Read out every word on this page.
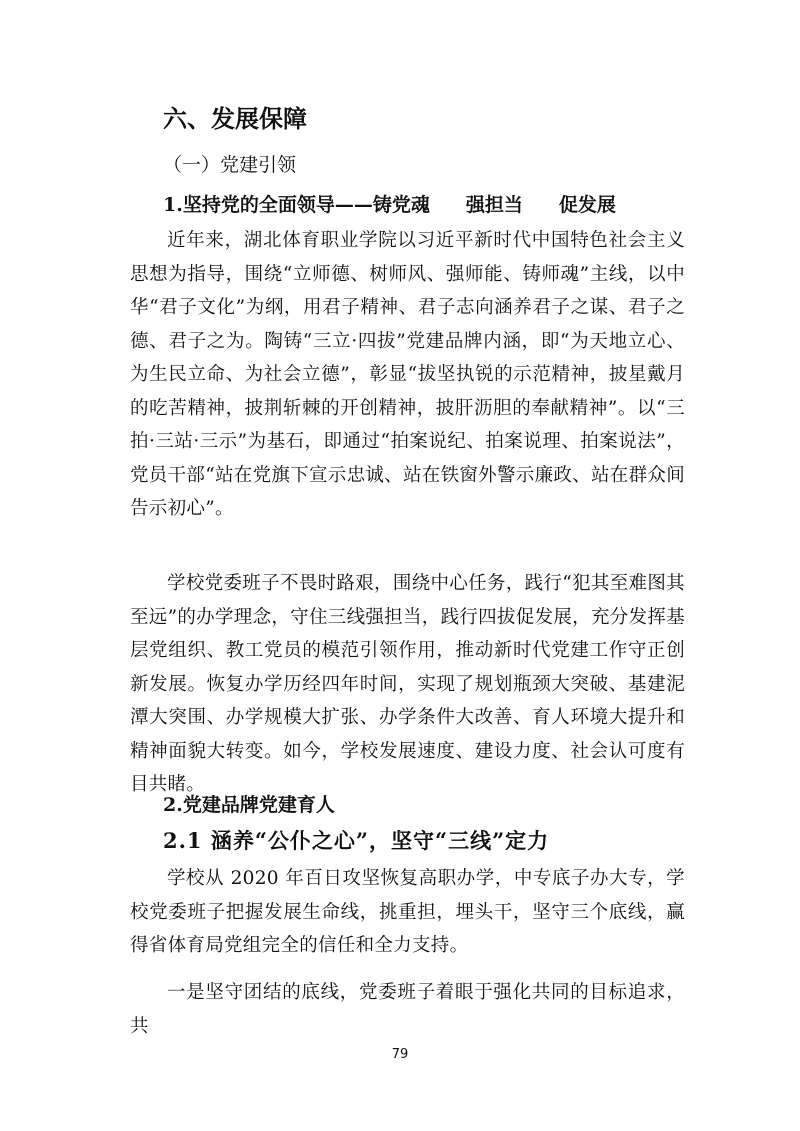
六、发展保障
（一）党建引领
1.坚持党的全面领导——铸党魂 强担当 促发展

近年来，湖北体育职业学院以习近平新时代中国特色社会主义思想为指导，围绕“立师德、树师风、强师能、铸师魂”主线，以中华“君子文化”为纲，用君子精神、君子志向涵养君子之谋、君子之德、君子之为。陶铸“三立·四拔”党建品牌内涵，即“为天地立心、为生民立命、为社会立德”，彰显“拔坚执锐的示范精神，披星戴月的吃苦精神，披荆斩棘的开创精神，披肝沥胆的奉献精神”。以“三拍·三站·三示”为基石，即通过“拍案说纪、拍案说理、拍案说法”，党员干部“站在党旗下宣示忠诚、站在铁窗外警示廉政、站在群众间告示初心”。

学校党委班子不畏时路艰，围绕中心任务，践行“犯其至难图其至远”的办学理念，守住三线强担当，践行四拔促发展，充分发挥基层党组织、教工党员的模范引领作用，推动新时代党建工作守正创新发展。恢复办学历经四年时间，实现了规划瓶颈大突破、基建泥潭大突围、办学规模大扩张、办学条件大改善、育人环境大提升和精神面貌大转变。如今，学校发展速度、建设力度、社会认可度有目共睹。

2.党建品牌党建育人
2.1 涵养“公仆之心”，坚守“三线”定力

学校从 2020 年百日攻坚恢复高职办学，中专底子办大专，学校党委班子把握发展生命线，挑重担，埋头干，坚守三个底线，赢得省体育局党组完全的信任和全力支持。

一是坚守团结的底线，党委班子着眼于强化共同的目标追求，共

79
